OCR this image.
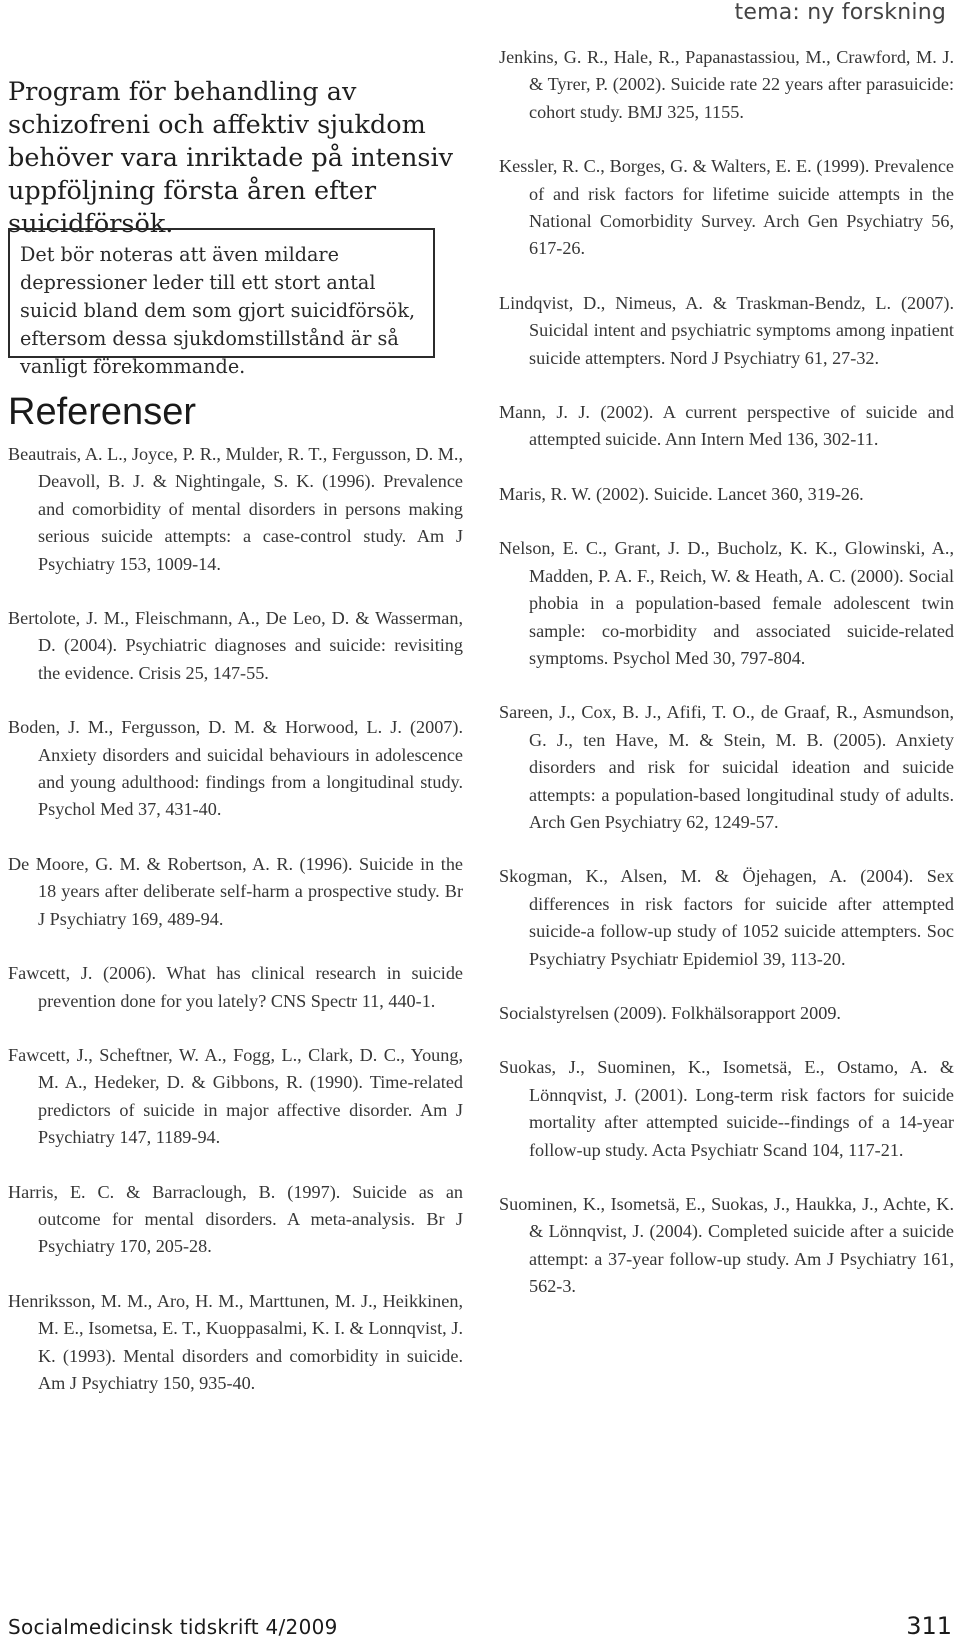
tema: ny forskning

Program för behandling av schizofreni och affektiv sjukdom behöver vara inriktade på intensiv uppföljning första åren efter suicidförsök.

Det bör noteras att även mildare depressioner leder till ett stort antal suicid bland dem som gjort suicidförsök, eftersom dessa sjukdomstillstånd är så vanligt förekommande.
Referenser
Beautrais, A. L., Joyce, P. R., Mulder, R. T., Fergusson, D. M., Deavoll, B. J. & Nightingale, S. K. (1996). Prevalence and comorbidity of mental disorders in persons making serious suicide attempts: a case-control study. Am J Psychiatry 153, 1009-14.
Bertolote, J. M., Fleischmann, A., De Leo, D. & Wasserman, D. (2004). Psychiatric diagnoses and suicide: revisiting the evidence. Crisis 25, 147-55.
Boden, J. M., Fergusson, D. M. & Horwood, L. J. (2007). Anxiety disorders and suicidal behaviours in adolescence and young adulthood: findings from a longitudinal study. Psychol Med 37, 431-40.
De Moore, G. M. & Robertson, A. R. (1996). Suicide in the 18 years after deliberate self-harm a prospective study. Br J Psychiatry 169, 489-94.
Fawcett, J. (2006). What has clinical research in suicide prevention done for you lately? CNS Spectr 11, 440-1.
Fawcett, J., Scheftner, W. A., Fogg, L., Clark, D. C., Young, M. A., Hedeker, D. & Gibbons, R. (1990). Time-related predictors of suicide in major affective disorder. Am J Psychiatry 147, 1189-94.
Harris, E. C. & Barraclough, B. (1997). Suicide as an outcome for mental disorders. A meta-analysis. Br J Psychiatry 170, 205-28.
Henriksson, M. M., Aro, H. M., Marttunen, M. J., Heikkinen, M. E., Isometsa, E. T., Kuoppasalmi, K. I. & Lonnqvist, J. K. (1993). Mental disorders and comorbidity in suicide. Am J Psychiatry 150, 935-40.
Jenkins, G. R., Hale, R., Papanastassiou, M., Crawford, M. J. & Tyrer, P. (2002). Suicide rate 22 years after parasuicide: cohort study. BMJ 325, 1155.
Kessler, R. C., Borges, G. & Walters, E. E. (1999). Prevalence of and risk factors for lifetime suicide attempts in the National Comorbidity Survey. Arch Gen Psychiatry 56, 617-26.
Lindqvist, D., Nimeus, A. & Traskman-Bendz, L. (2007). Suicidal intent and psychiatric symptoms among inpatient suicide attempters. Nord J Psychiatry 61, 27-32.
Mann, J. J. (2002). A current perspective of suicide and attempted suicide. Ann Intern Med 136, 302-11.
Maris, R. W. (2002). Suicide. Lancet 360, 319-26.
Nelson, E. C., Grant, J. D., Bucholz, K. K., Glowinski, A., Madden, P. A. F., Reich, W. & Heath, A. C. (2000). Social phobia in a population-based female adolescent twin sample: co-morbidity and associated suicide-related symptoms. Psychol Med 30, 797-804.
Sareen, J., Cox, B. J., Afifi, T. O., de Graaf, R., Asmundson, G. J., ten Have, M. & Stein, M. B. (2005). Anxiety disorders and risk for suicidal ideation and suicide attempts: a population-based longitudinal study of adults. Arch Gen Psychiatry 62, 1249-57.
Skogman, K., Alsen, M. & Öjehagen, A. (2004). Sex differences in risk factors for suicide after attempted suicide-a follow-up study of 1052 suicide attempters. Soc Psychiatry Psychiatr Epidemiol 39, 113-20.
Socialstyrelsen (2009). Folkhälsorapport 2009.
Suokas, J., Suominen, K., Isometsä, E., Ostamo, A. & Lönnqvist, J. (2001). Long-term risk factors for suicide mortality after attempted suicide--findings of a 14-year follow-up study. Acta Psychiatr Scand 104, 117-21.
Suominen, K., Isometsä, E., Suokas, J., Haukka, J., Achte, K. & Lönnqvist, J. (2004). Completed suicide after a suicide attempt: a 37-year follow-up study. Am J Psychiatry 161, 562-3.
Socialmedicinsk tidskrift 4/2009	311
